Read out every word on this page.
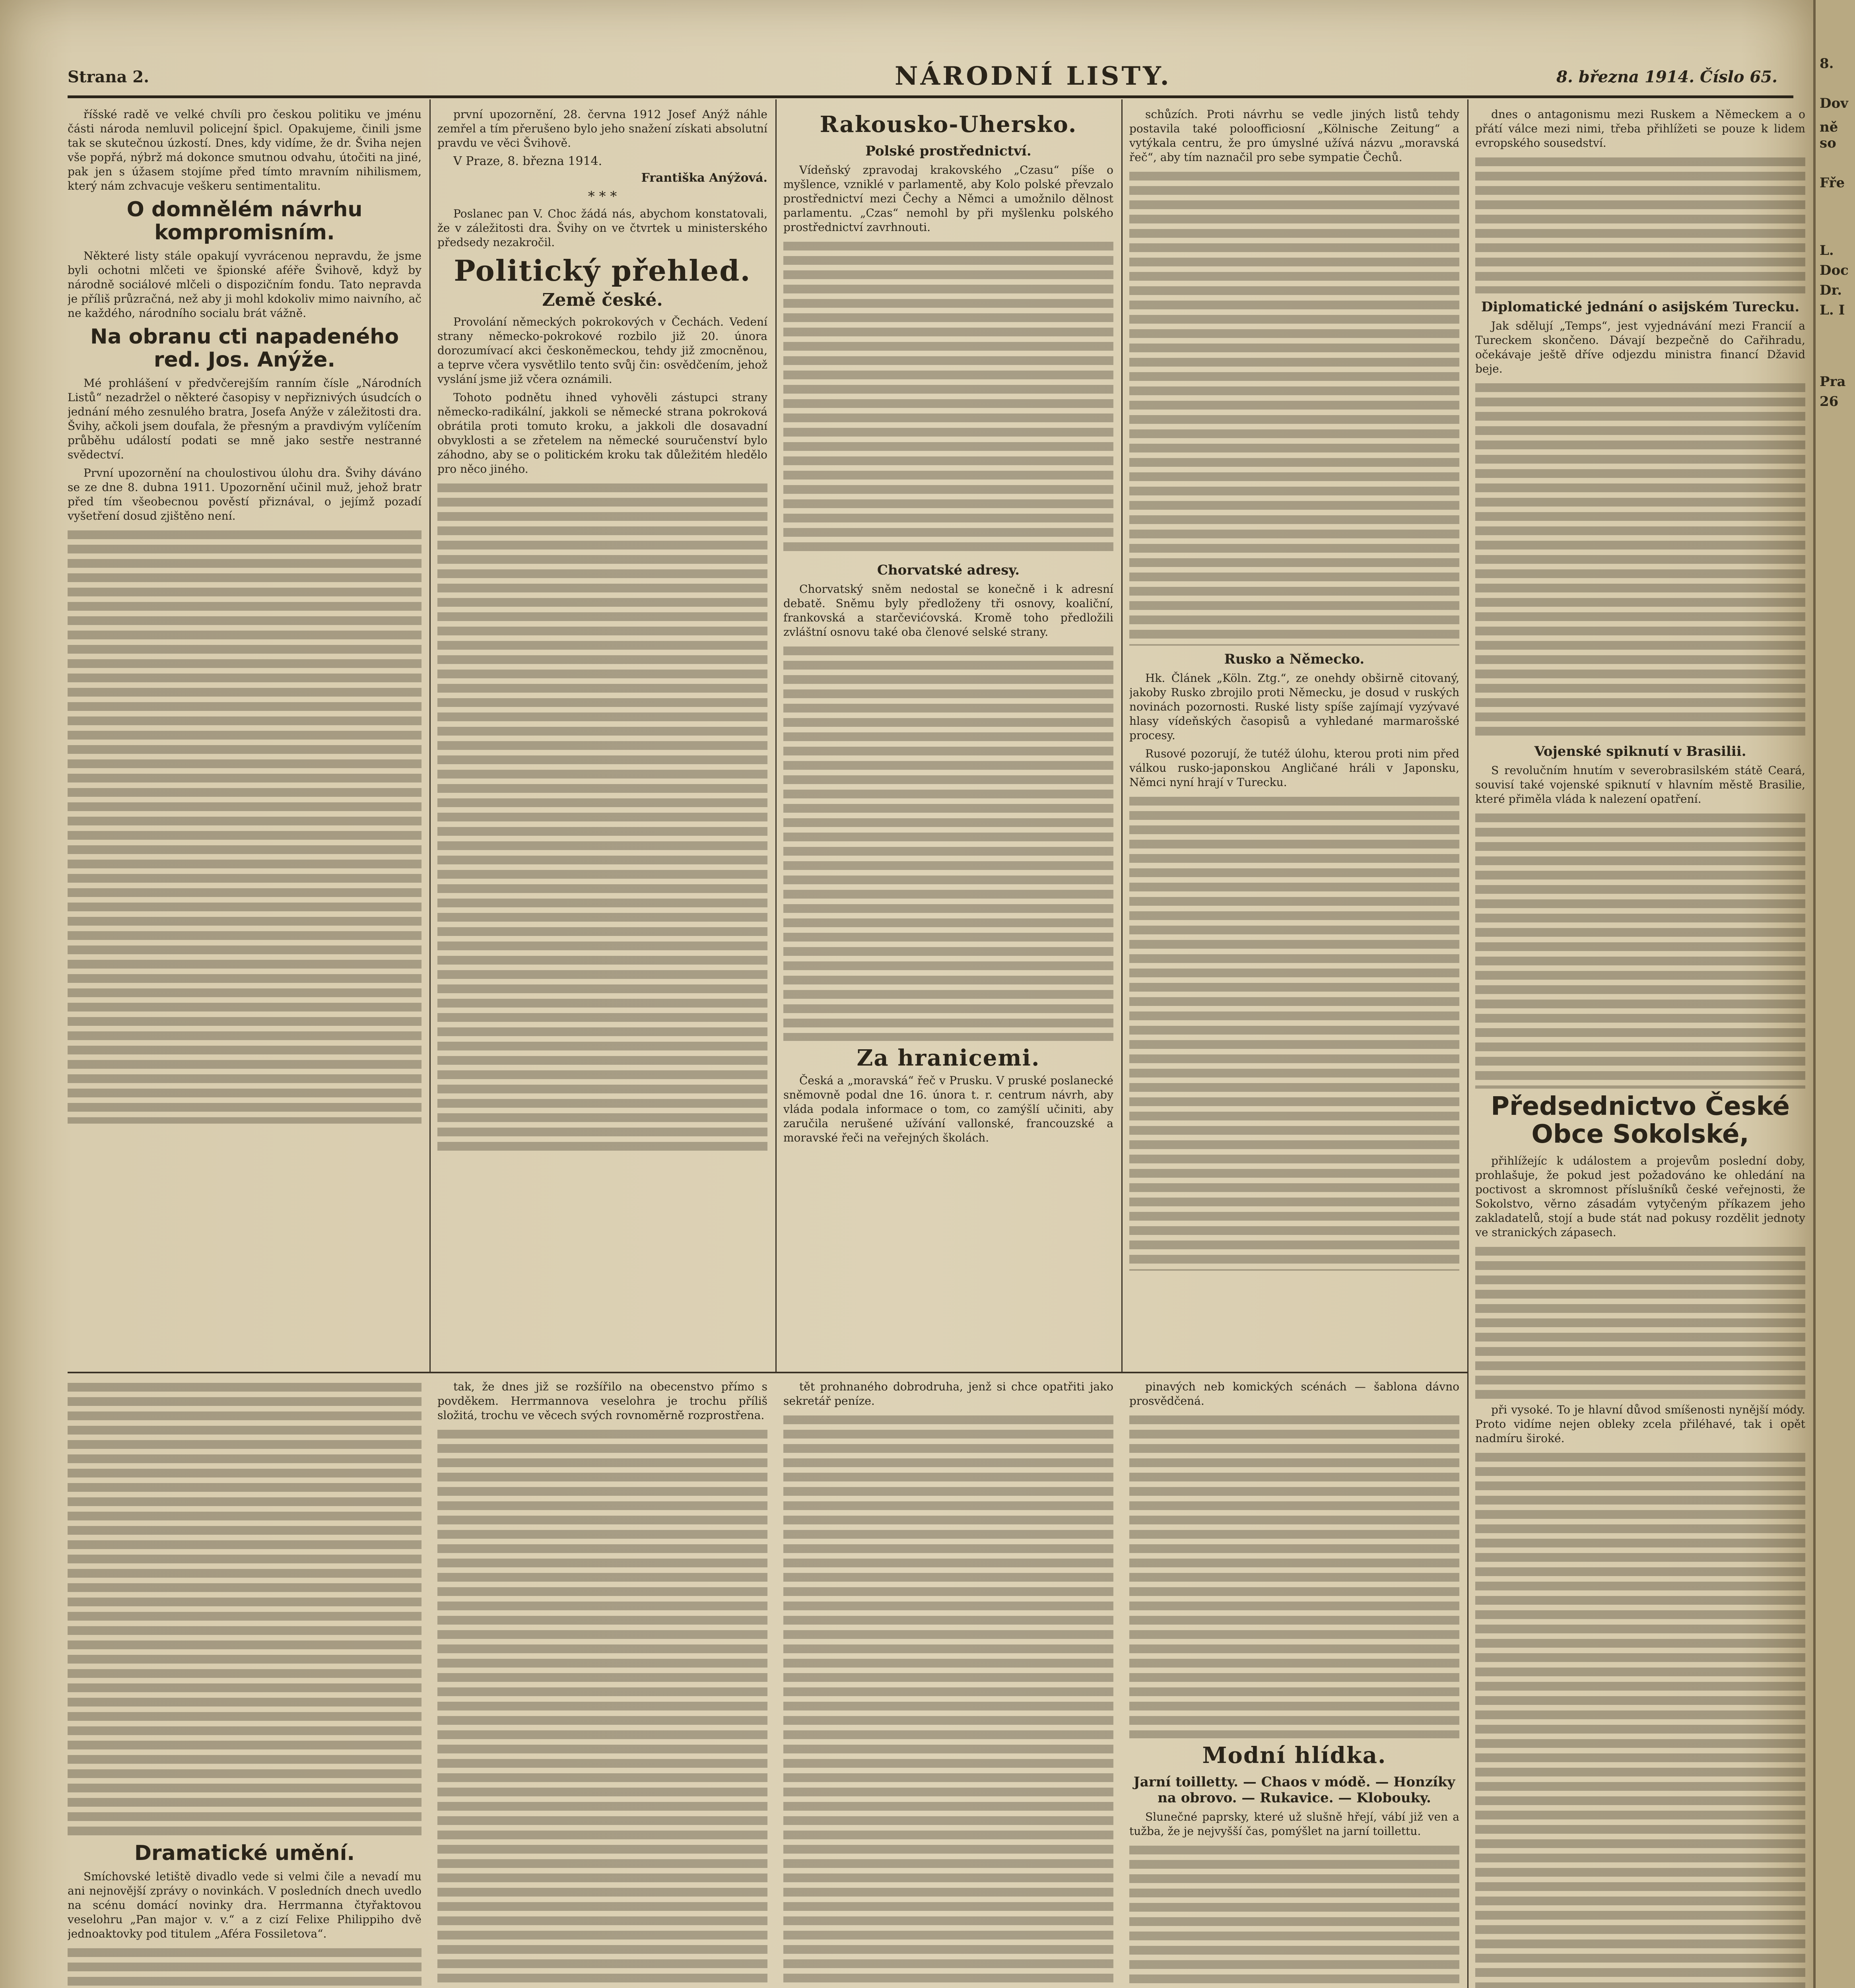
Strana 2.	NÁRODNÍ LISTY.	8. března 1914. Číslo 65.

říšské radě ve velké chvíli pro českou politiku ve jménu části národa nemluvil policejní špicl. Opakujeme, činili jsme tak se skutečnou úzkostí. Dnes, kdy vidíme, že dr. Šviha nejen vše popřá, nýbrž má dokonce smutnou odvahu, útočiti na jiné, pak jen s úžasem stojíme před tímto mravním nihilismem, který nám zchvacuje veškeru sentimentalitu.

O domnělém návrhu kompromisním.

Některé listy stále opakují vyvrácenou nepravdu, že jsme byli ochotni mlčeti ve špionské aféře Švihově, když by národně sociálové mlčeli o dispozičním fondu. Tato nepravda je příliš průzračná, než aby ji mohl kdokoliv mimo naivního, ač ne každého, národního socialu brát vážně.

Na obranu cti napadeného red. Jos. Anýže.

Mé prohlášení v předvčerejším ranním čísle „Národních Listů“ nezadržel o některé časopisy v nepřiznivých úsudcích o jednání mého zesnulého bratra, Josefa Anýže v záležitosti dra. Švihy, ačkoli jsem doufala, že přesným a pravdivým vylíčením průběhu událostí podati se mně jako sestře nestranné svědectví.

První upozornění na choulostivou úlohu dra. Švihy dáváno se ze dne 8. dubna 1911. Upozornění učinil muž, jehož bratr před tím všeobecnou pověstí přiznával, o jejímž pozadí vyšetření dosud zjištěno není.

první upozornění, 28. června 1912 Josef Anýž náhle zemřel a tím přerušeno bylo jeho snažení získati absolutní pravdu ve věci Švihově.

V Praze, 8. března 1914.
Františka Anýžová.
* * *

Poslanec pan V. Choc žádá nás, abychom konstatovali, že v záležitosti dra. Švihy on ve čtvrtek u ministerského předsedy nezakročil.

Politický přehled.
Země české.

Provolání německých pokrokových v Čechách. Vedení strany německo-pokrokové rozbilo již 20. února dorozumívací akci českoněmeckou, tehdy již zmocněnou, a teprve včera vysvětlilo tento svůj čin: osvědčením, jehož vyslání jsme již včera oznámili.

Tohoto podnětu ihned vyhověli zástupci strany německo-radikální, jakkoli se německé strana pokroková obrátila proti tomuto kroku, a jakkoli dle dosavadní obvyklosti a se zřetelem na německé souručenství bylo záhodno, aby se o politickém kroku tak důležitém hledělo pro něco jiného.

Rakousko-Uhersko.
Polské prostřednictví.

Vídeňský zpravodaj krakovského „Czasu“ píše o myšlence, vzniklé v parlamentě, aby Kolo polské převzalo prostřednictví mezi Čechy a Němci a umožnilo dělnost parlamentu. „Czas“ nemohl by při myšlenku polského prostřednictví zavrhnouti.

Chorvatské adresy.

Chorvatský sněm nedostal se konečně i k adresní debatě. Sněmu byly předloženy tři osnovy, koaliční, frankovská a starčevićovská. Kromě toho předložili zvláštní osnovu také oba členové selské strany.

Za hranicemi.

Česká a „moravská“ řeč v Prusku. V pruské poslanecké sněmovně podal dne 16. února t. r. centrum návrh, aby vláda podala informace o tom, co zamýšlí učiniti, aby zaručila nerušené užívání vallonské, francouzské a moravské řeči na veřejných školách.

schůzích. Proti návrhu se vedle jiných listů tehdy postavila také poloofficiosní „Kölnische Zeitung“ a vytýkala centru, že pro úmyslné užívá názvu „moravská řeč“, aby tím naznačil pro sebe sympatie Čechů.

Rusko a Německo.

Hk. Článek „Köln. Ztg.“, ze onehdy obširně citovaný, jakoby Rusko zbrojilo proti Německu, je dosud v ruských novinách pozornosti. Ruské listy spíše zajímají vyzývavé hlasy vídeňských časopisů a vyhledané marmarošské procesy.

Rusové pozorují, že tutéž úlohu, kterou proti nim před válkou rusko-japonskou Angličané hráli v Japonsku, Němci nyní hrají v Turecku.

dnes o antagonismu mezi Ruskem a Německem a o přátí válce mezi nimi, třeba přihlížeti se pouze k lidem evropského sousedství.

Diplomatické jednání o asijském Turecku.

Jak sdělují „Temps“, jest vyjednávání mezi Francií a Tureckem skončeno. Dávají bezpečně do Cařihradu, očekávaje ještě dříve odjezdu ministra financí Džavid beje.

Vojenské spiknutí v Brasilii.

S revolučním hnutím v severobrasilském státě Ceará, souvisí také vojenské spiknutí v hlavním městě Brasilie, které přiměla vláda k nalezení opatření.

Předsednictvo České Obce Sokolské,

přihlížejíc k událostem a projevům poslední doby, prohlašuje, že pokud jest požadováno ke ohledání na poctivost a skromnost příslušníků české veřejnosti, že Sokolstvo, věrno zásadám vytyčeným příkazem jeho zakladatelů, stojí a bude stát nad pokusy rozdělit jednoty ve stranických zápasech.

při vysoké. To je hlavní důvod smíšenosti nynější módy. Proto vidíme nejen obleky zcela přiléhavé, tak i opět nadmíru široké.

Dramatické umění.

Smíchovské letiště divadlo vede si velmi čile a nevadí mu ani nejnovější zprávy o novinkách. V posledních dnech uvedlo na scénu domácí novinky dra. Herrmanna čtyřaktovou veselohru „Pan major v. v.“ a z cizí Felixe Philippiho dvě jednoaktovky pod titulem „Aféra Fossiletova“.

tak, že dnes již se rozšířilo na obecenstvo přímo s povděkem. Herrmannova veselohra je trochu příliš složitá, trochu ve věcech svých rovnoměrně rozprostřena.

tět prohnaného dobrodruha, jenž si chce opatřiti jako sekretář peníze.

pinavých neb komických scénách — šablona dávno prosvědčená.

Modní hlídka.
Jarní toilletty. — Chaos v módě. — Honzíky na obrovo. — Rukavice. — Klobouky.

Slunečné paprsky, které už slušně hřejí, vábí již ven a tužba, že je nejvyšší čas, pomýšlet na jarní toillettu.

8.
Dov
ně so
Fře
L.
Doc
Dr.
L. I
Pra
26
